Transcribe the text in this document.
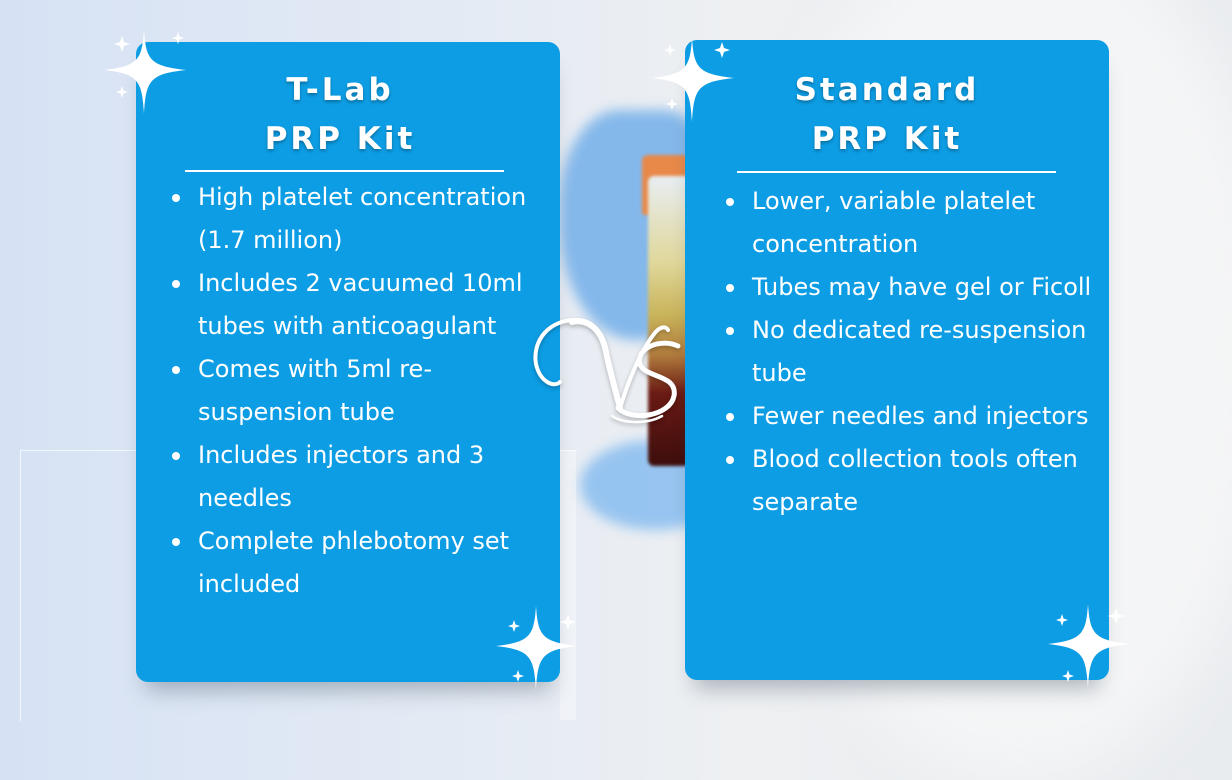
T-Lab
PRP Kit
High platelet concentration (1.7 million)
Includes 2 vacuumed 10ml tubes with anticoagulant
Comes with 5ml re-suspension tube
Includes injectors and 3 needles
Complete phlebotomy set included
Standard
PRP Kit
Lower, variable platelet concentration
Tubes may have gel or Ficoll
No dedicated re-suspension tube
Fewer needles and injectors
Blood collection tools often separate
